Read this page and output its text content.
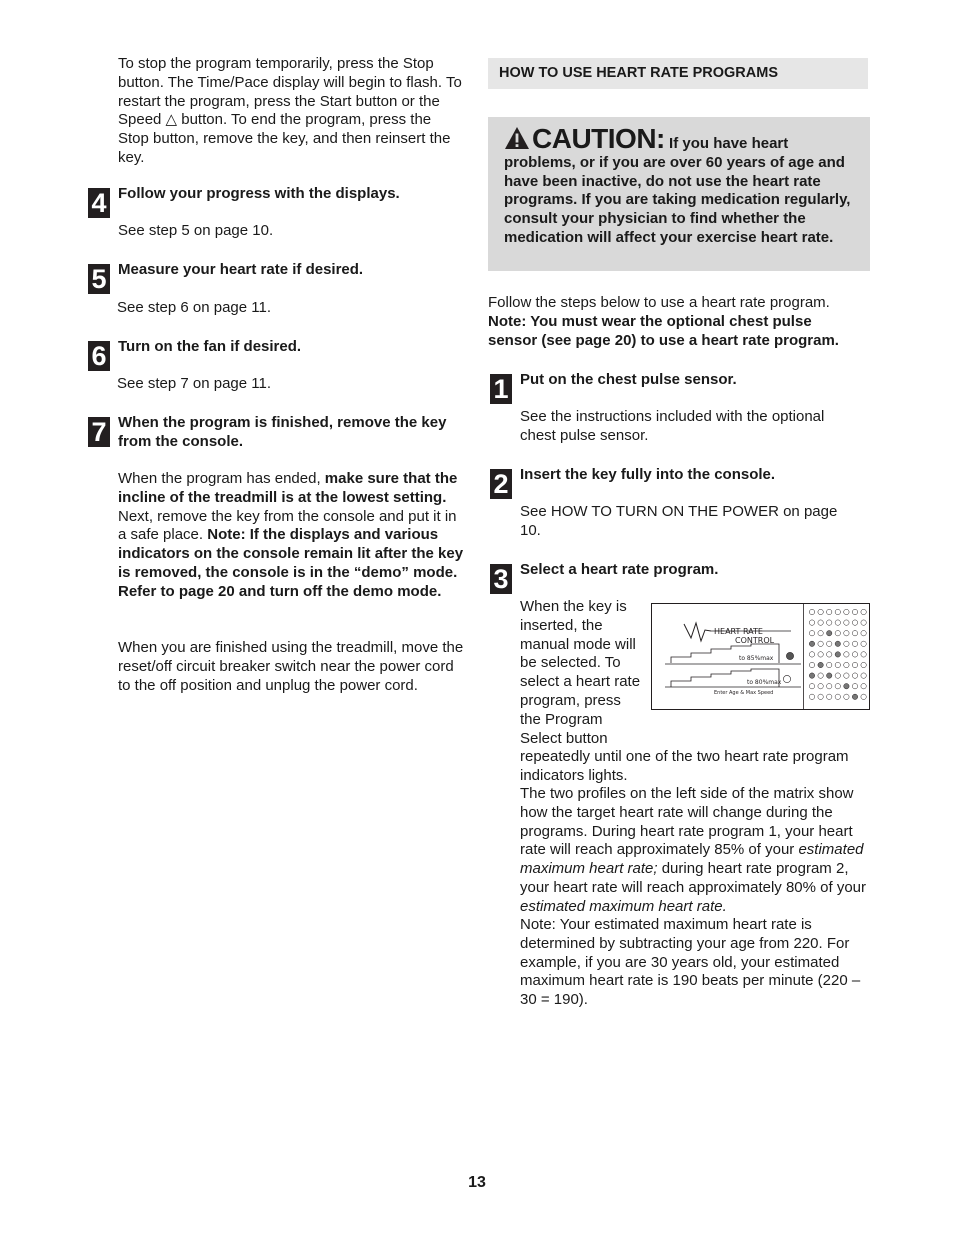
To stop the program temporarily, press the Stop button. The Time/Pace display will begin to flash. To restart the program, press the Start button or the Speed △ button. To end the program, press the Stop button, remove the key, and then reinsert the key.
4 Follow your progress with the displays.
See step 5 on page 10.
5 Measure your heart rate if desired.
See step 6 on page 11.
6 Turn on the fan if desired.
See step 7 on page 11.
7 When the program is finished, remove the key from the console.
When the program has ended, make sure that the incline of the treadmill is at the lowest setting. Next, remove the key from the console and put it in a safe place. Note: If the displays and various indicators on the console remain lit after the key is removed, the console is in the “demo” mode. Refer to page 20 and turn off the demo mode.
When you are finished using the treadmill, move the reset/off circuit breaker switch near the power cord to the off position and unplug the power cord.
HOW TO USE HEART RATE PROGRAMS
CAUTION: If you have heart problems, or if you are over 60 years of age and have been inactive, do not use the heart rate programs. If you are taking medication regularly, consult your physician to find whether the medication will affect your exercise heart rate.
Follow the steps below to use a heart rate program. Note: You must wear the optional chest pulse sensor (see page 20) to use a heart rate program.
1 Put on the chest pulse sensor.
See the instructions included with the optional chest pulse sensor.
2 Insert the key fully into the console.
See HOW TO TURN ON THE POWER on page 10.
3 Select a heart rate program.
When the key is inserted, the manual mode will be selected. To select a heart rate program, press the Program Select button repeatedly until one of the two heart rate program indicators lights.
HEART RATE
CONTROL
to 85%max
to 80%max
Enter Age & Max Speed
The two profiles on the left side of the matrix show how the target heart rate will change during the programs. During heart rate program 1, your heart rate will reach approximately 85% of your estimated maximum heart rate; during heart rate program 2, your heart rate will reach approximately 80% of your estimated maximum heart rate.
Note: Your estimated maximum heart rate is determined by subtracting your age from 220. For example, if you are 30 years old, your estimated maximum heart rate is 190 beats per minute (220 – 30 = 190).
13
